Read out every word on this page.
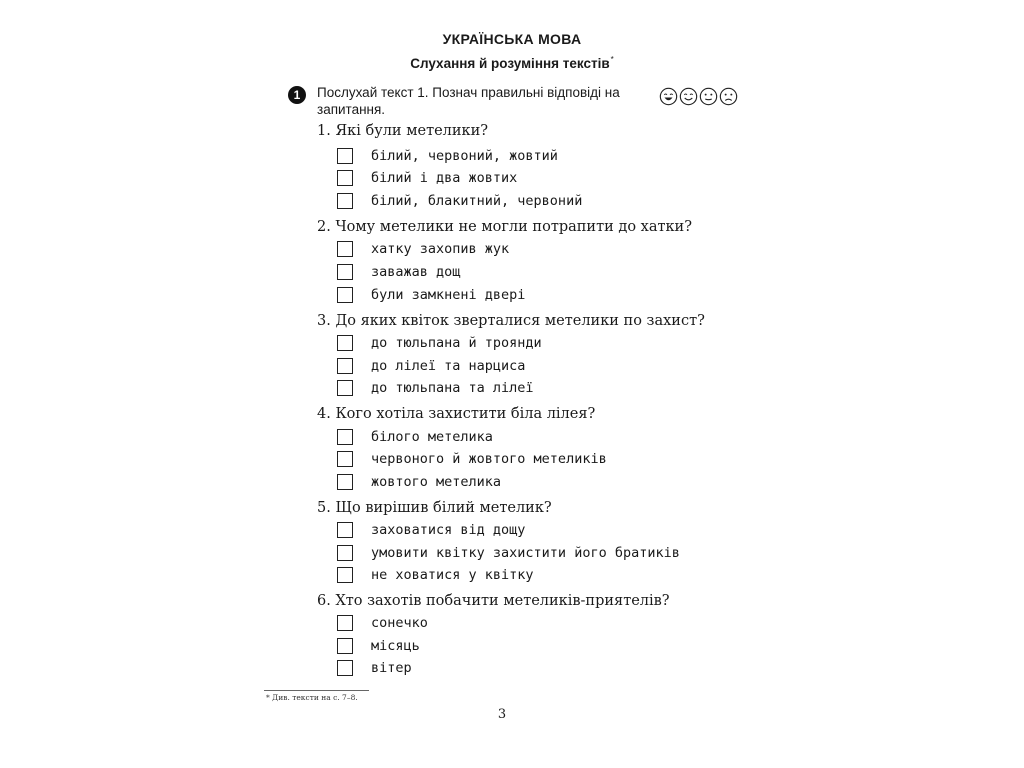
УКРАЇНСЬКА МОВА
Слухання й розуміння текстів*
1	Послухай текст 1. Познач правильні відповіді на запитання.
1. Які були метелики?
білий, червоний, жовтий
білий і два жовтих
білий, блакитний, червоний
2. Чому метелики не могли потрапити до хатки?
хатку захопив жук
заважав дощ
були замкнені двері
3. До яких квіток зверталися метелики по захист?
до тюльпана й троянди
до лілеї та нарциса
до тюльпана та лілеї
4. Кого хотіла захистити біла лілея?
білого метелика
червоного й жовтого метеликів
жовтого метелика
5. Що вирішив білий метелик?
заховатися від дощу
умовити квітку захистити його братиків
не ховатися у квітку
6. Хто захотів побачити метеликів-приятелів?
сонечко
місяць
вітер
* Див. тексти на с. 7–8.
3
